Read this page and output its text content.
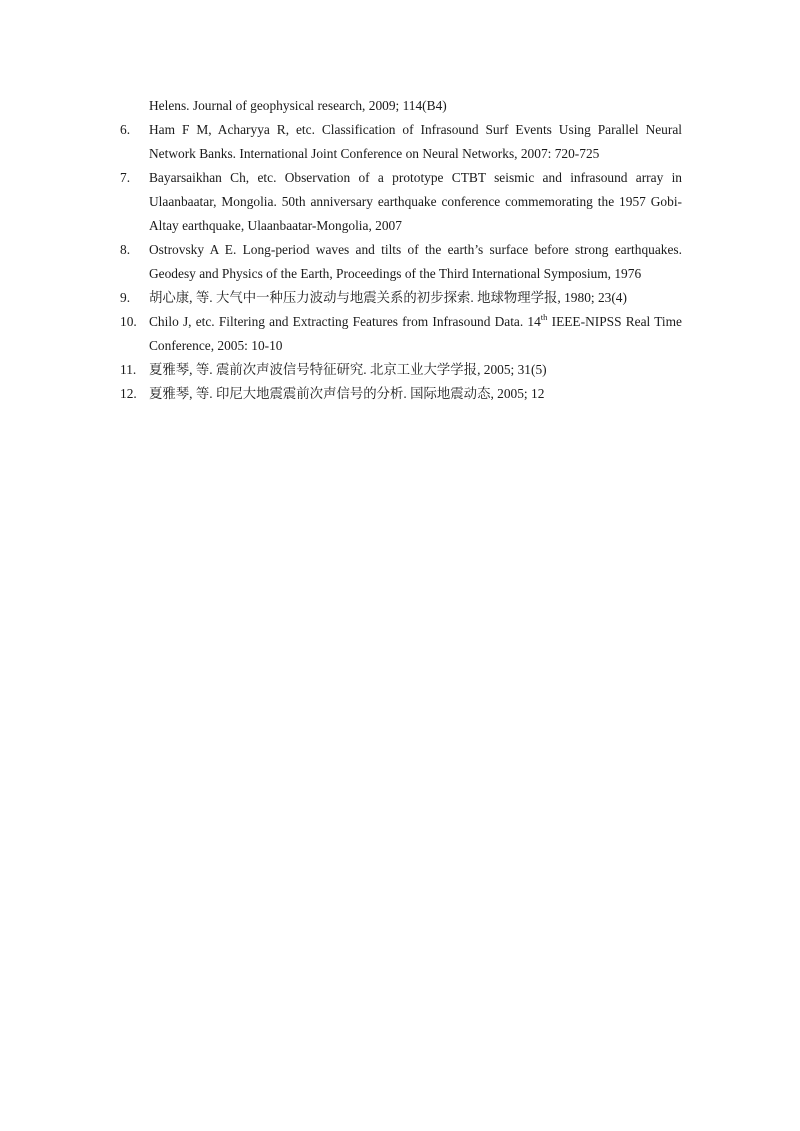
Helens. Journal of geophysical research, 2009; 114(B4)
6. Ham F M, Acharyya R, etc. Classification of Infrasound Surf Events Using Parallel Neural Network Banks. International Joint Conference on Neural Networks, 2007: 720-725
7. Bayarsaikhan Ch, etc. Observation of a prototype CTBT seismic and infrasound array in Ulaanbaatar, Mongolia. 50th anniversary earthquake conference commemorating the 1957 Gobi-Altay earthquake, Ulaanbaatar-Mongolia, 2007
8. Ostrovsky A E. Long-period waves and tilts of the earth’s surface before strong earthquakes. Geodesy and Physics of the Earth, Proceedings of the Third International Symposium, 1976
9. 胡心康, 等. 大气中一种压力波动与地震关系的初步探索. 地球物理学报, 1980; 23(4)
10. Chilo J, etc. Filtering and Extracting Features from Infrasound Data. 14th IEEE-NIPSS Real Time Conference, 2005: 10-10
11. 夏雅琴, 等. 震前次声波信号特征研究. 北京工业大学学报, 2005; 31(5)
12. 夏雅琴, 等. 印尼大地震震前次声信号的分析. 国际地震动态, 2005; 12
